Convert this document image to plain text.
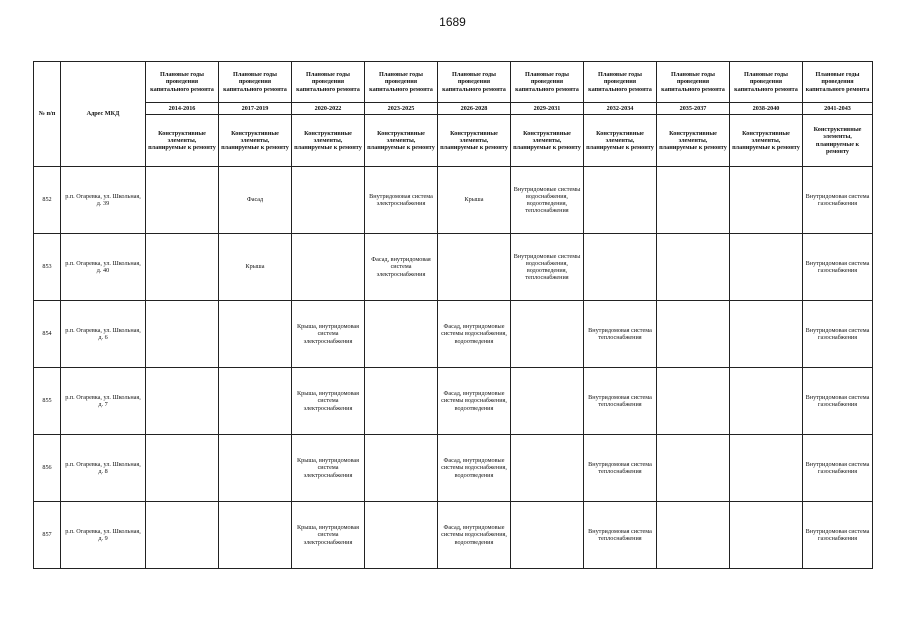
1689
№ п/п	Адрес МКД	Плановые годы проведения капитального ремонта	Плановые годы проведения капитального ремонта	Плановые годы проведения капитального ремонта	Плановые годы проведения капитального ремонта	Плановые годы проведения капитального ремонта	Плановые годы проведения капитального ремонта	Плановые годы проведения капитального ремонта	Плановые годы проведения капитального ремонта	Плановые годы проведения капитального ремонта	Плановые годы проведения капитального ремонта
		2014-2016	2017-2019	2020-2022	2023-2025	2026-2028	2029-2031	2032-2034	2035-2037	2038-2040	2041-2043
		Конструктивные элементы, планируемые к ремонту	Конструктивные элементы, планируемые к ремонту	Конструктивные элементы, планируемые к ремонту	Конструктивные элементы, планируемые к ремонту	Конструктивные элементы, планируемые к ремонту	Конструктивные элементы, планируемые к ремонту	Конструктивные элементы, планируемые к ремонту	Конструктивные элементы, планируемые к ремонту	Конструктивные элементы, планируемые к ремонту	Конструктивные элементы, планируемые к ремонту
852	р.п. Огаревка, ул. Школьная, д. 39		Фасад		Внутридомовая система электроснабжения	Крыша	Внутридомовые системы водоснабжения, водоотведения, теплоснабжения				Внутридомовая система газоснабжения
853	р.п. Огаревка, ул. Школьная, д. 40		Крыша		Фасад, внутридомовая система электроснабжения		Внутридомовые системы водоснабжения, водоотведения, теплоснабжения				Внутридомовая система газоснабжения
854	р.п. Огаревка, ул. Школьная, д. 6			Крыша, внутридомовая система электроснабжения		Фасад, внутридомовые системы водоснабжения, водоотведения		Внутридомовая система теплоснабжения			Внутридомовая система газоснабжения
855	р.п. Огаревка, ул. Школьная, д. 7			Крыша, внутридомовая система электроснабжения		Фасад, внутридомовые системы водоснабжения, водоотведения		Внутридомовая система теплоснабжения			Внутридомовая система газоснабжения
856	р.п. Огаревка, ул. Школьная, д. 8			Крыша, внутридомовая система электроснабжения		Фасад, внутридомовые системы водоснабжения, водоотведения		Внутридомовая система теплоснабжения			Внутридомовая система газоснабжения
857	р.п. Огаревка, ул. Школьная, д. 9			Крыша, внутридомовая система электроснабжения		Фасад, внутридомовые системы водоснабжения, водоотведения		Внутридомовая система теплоснабжения			Внутридомовая система газоснабжения
